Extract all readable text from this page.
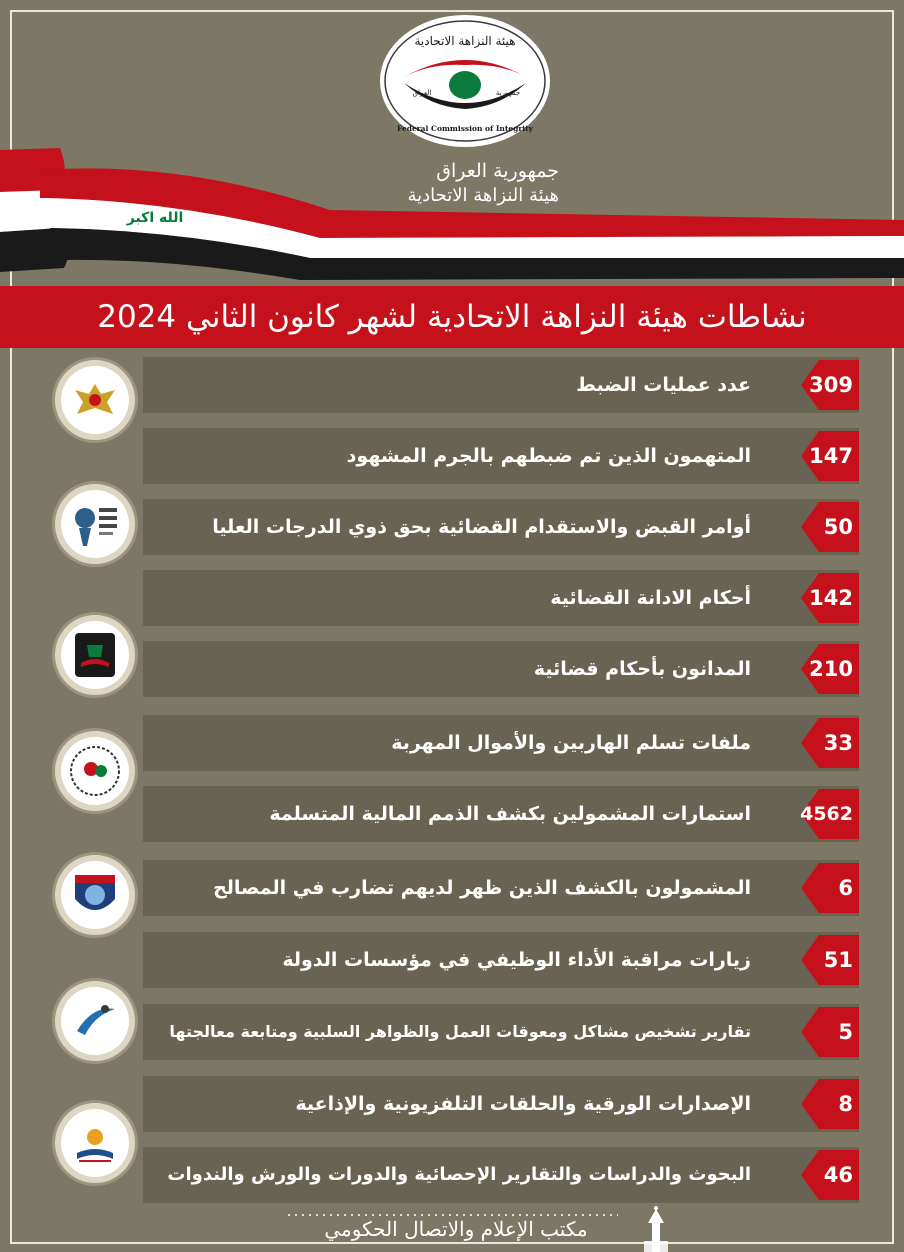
هيئة النزاهة الاتحادية
العراق	جمهورية
Federal Commission of Integrity
الله اكبر
جمهورية العراق
هيئة النزاهة الاتحادية
نشاطات هيئة النزاهة الاتحادية لشهر كانون الثاني 2024
عدد عمليات الضبط	309
المتهمون الذين تم ضبطهم بالجرم المشهود	147
أوامر القبض والاستقدام القضائية بحق ذوي الدرجات العليا	50
أحكام الادانة القضائية	142
المدانون بأحكام قضائية	210
ملفات تسلم الهاربين والأموال المهربة	33
استمارات المشمولين بكشف الذمم المالية المتسلمة	4562
المشمولون بالكشف الذين ظهر لديهم تضارب في المصالح	6
زيارات مراقبة الأداء الوظيفي في مؤسسات الدولة	51
تقارير تشخيص مشاكل ومعوقات العمل والظواهر السلبية ومتابعة معالجتها	5
الإصدارات الورقية والحلقات التلفزيونية والإذاعية	8
البحوث والدراسات والتقارير الإحصائية والدورات والورش والندوات	46
مكتب الإعلام والاتصال الحكومي
